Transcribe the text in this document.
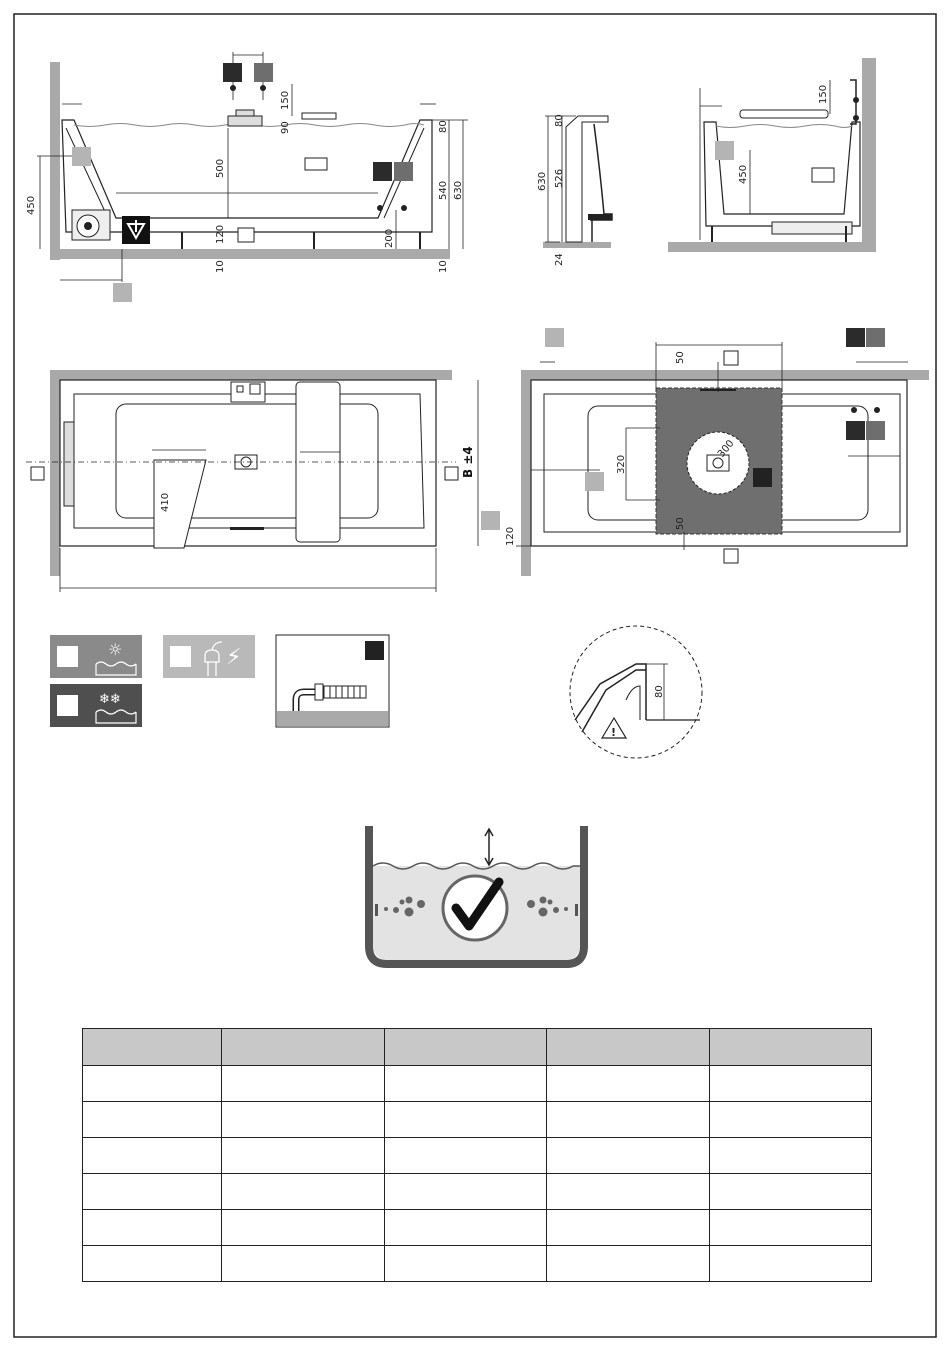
450
150
90
500
120
10
200
10
80
540 630
80
526
630
24
150
450
B ±4
410
50
320
300
50
120
☼
❄❄
⚡
80
!
